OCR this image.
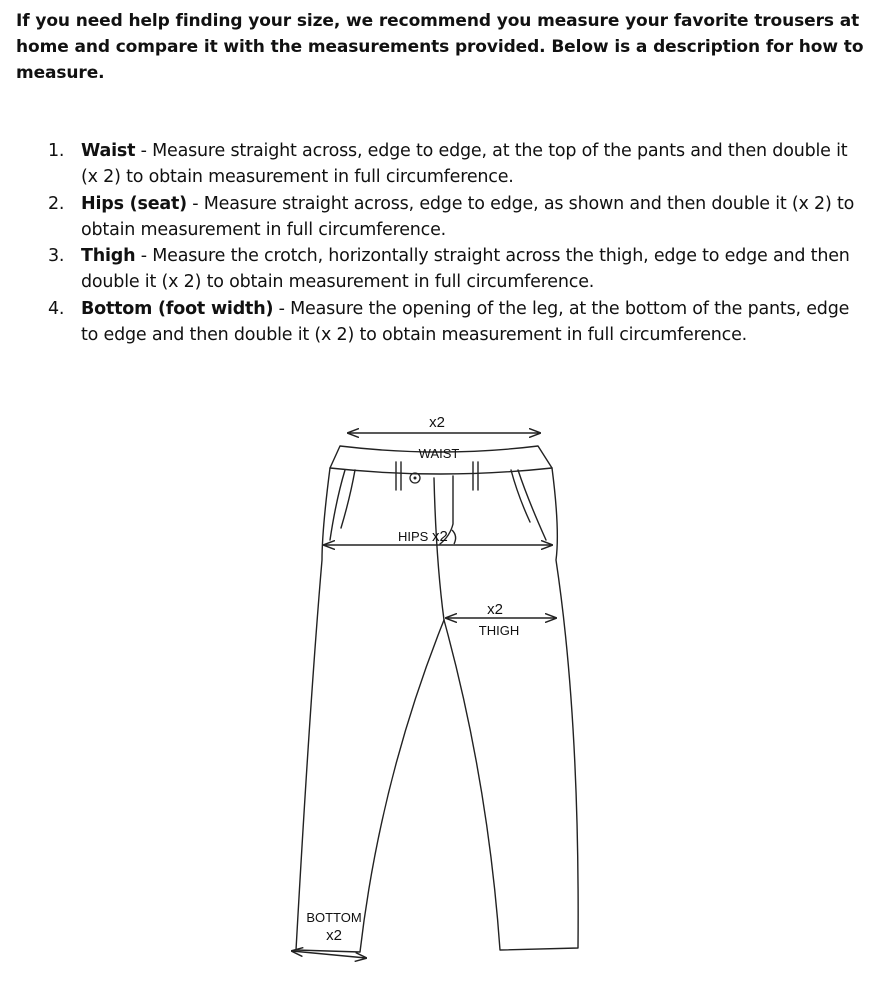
If you need help finding your size, we recommend you measure your favorite trousers at home and compare it with the measurements provided. Below is a description for how to measure.

1. Waist - Measure straight across, edge to edge, at the top of the pants and then double it (x 2) to obtain measurement in full circumference.
2. Hips (seat) - Measure straight across, edge to edge, as shown and then double it (x 2) to obtain measurement in full circumference.
3. Thigh - Measure the crotch, horizontally straight across the thigh, edge to edge and then double it (x 2) to obtain measurement in full circumference.
4. Bottom (foot width) - Measure the opening of the leg, at the bottom of the pants, edge to edge and then double it (x 2) to obtain measurement in full circumference.
x2
WAIST
HIPS x2
x2
THIGH
BOTTOM
x2
